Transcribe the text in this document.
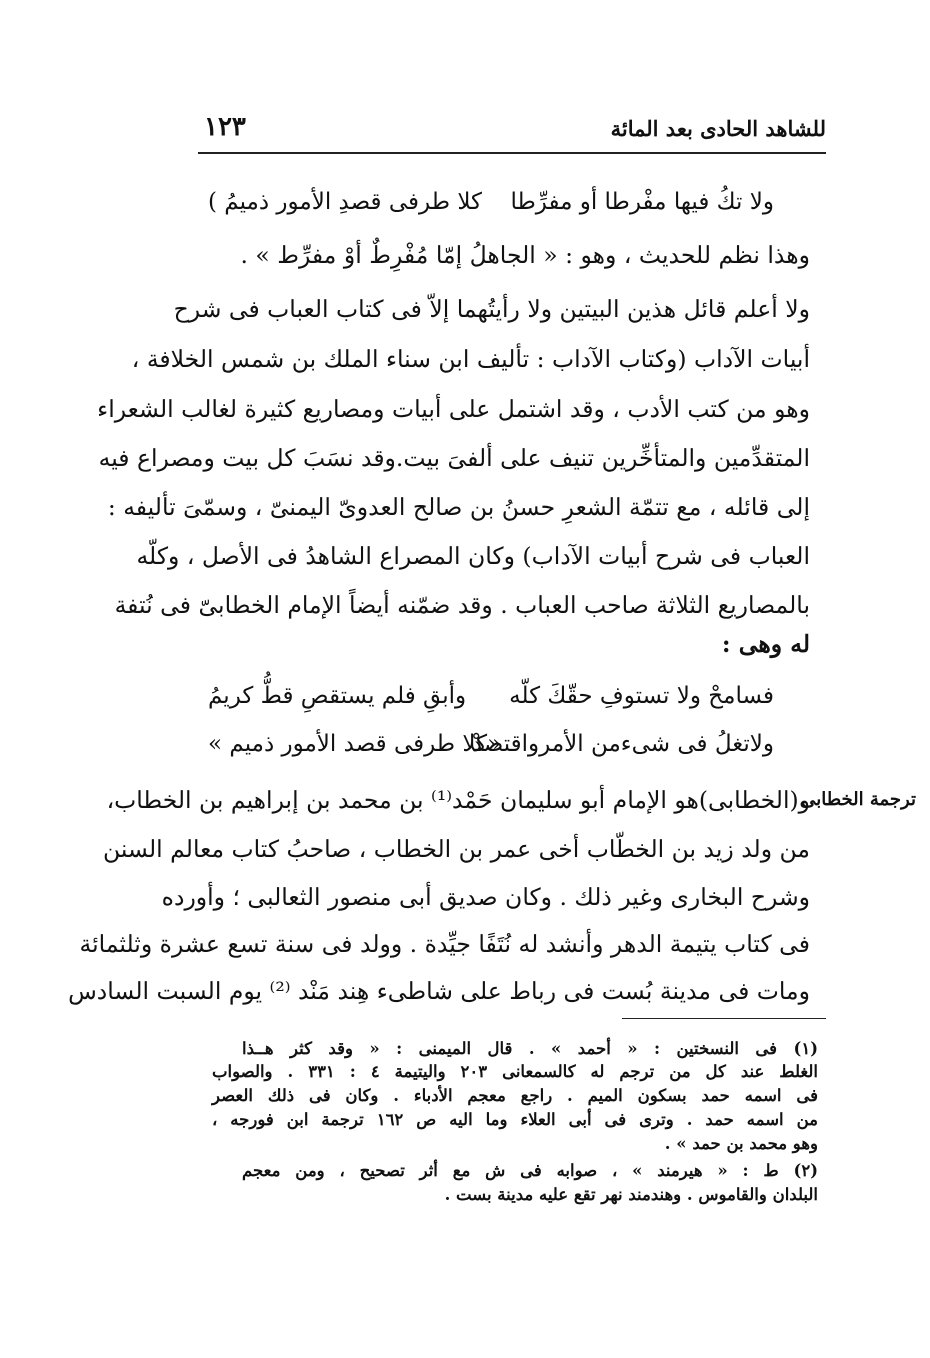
للشاهد الحادى بعد المائة
١٢٣
ولا تكُ فيها مفْرطا أو مفرِّطا
كلا طرفى قصدِ الأمور ذميمُ )
وهذا نظم للحديث ، وهو : « الجاهلُ إمّا مُفْرِطٌ أوْ مفرِّط » .
ولا أعلم قائل هذين البيتين ولا رأيتُهما إلاّ فى كتاب العباب فى شرح
أبيات الآداب (وكتاب الآداب : تأليف ابن سناء الملك بن شمس الخلافة ،
وهو من كتب الأدب ، وقد اشتمل على أبيات ومصاريع كثيرة لغالب الشعراء
المتقدِّمين والمتأخِّرين تنيف على ألفىَ بيت.وقد نسَبَ كل بيت ومصراع فيه
إلى قائله ، مع تتمّة الشعرِ حسنُ بن صالح العدوىّ اليمنىّ ، وسمّىَ تأليفه :
العباب فى شرح أبيات الآداب) وكان المصراع الشاهدُ فى الأصل ، وكلّه
بالمصاريع الثلاثة صاحب العباب . وقد ضمّنه أيضاً الإمام الخطابىّ فى نُتفة
له وهى :
فسامحْ ولا تستوفِ حقّكَ كلّه
وأبقِ فلم يستقصِ قطُّ كريمُ
ولاتغلُ فى شىءمن الأمرواقتصدْ
«كلا طرفى قصد الأمور ذميم »
ترجمة الخطابى
و(الخطابى)هو الإمام أبو سليمان حَمْد⁽¹⁾ بن محمد بن إبراهيم بن الخطاب،
من ولد زيد بن الخطّاب أخى عمر بن الخطاب ، صاحبُ كتاب معالم السنن
وشرح البخارى وغير ذلك . وكان صديق أبى منصور الثعالبى ؛ وأورده
فى كتاب يتيمة الدهر وأنشد له نُتَفًا جيِّدة . وولد فى سنة تسع عشرة وثلثمائة
ومات فى مدينة بُست فى رباط على شاطىء هِند مَنْد ⁽²⁾ يوم السبت السادس
(١) فى النسختين : « أحمد » . قال الميمنى : « وقد كثر هــذا
الغلط عند كل من ترجم له كالسمعانى ٢٠٣ واليتيمة ٤ : ٣٣١ . والصواب
فى اسمه حمد بسكون الميم . راجع معجم الأدباء . وكان فى ذلك العصر
من اسمه حمد . وترى فى أبى العلاء وما اليه ص ١٦٢ ترجمة ابن فورجه ،
وهو محمد بن حمد » .
(٢) ط : « هيرمند » ، صوابه فى ش مع أثر تصحيح ، ومن معجم
البلدان والقاموس . وهندمند نهر تقع عليه مدينة بست .
